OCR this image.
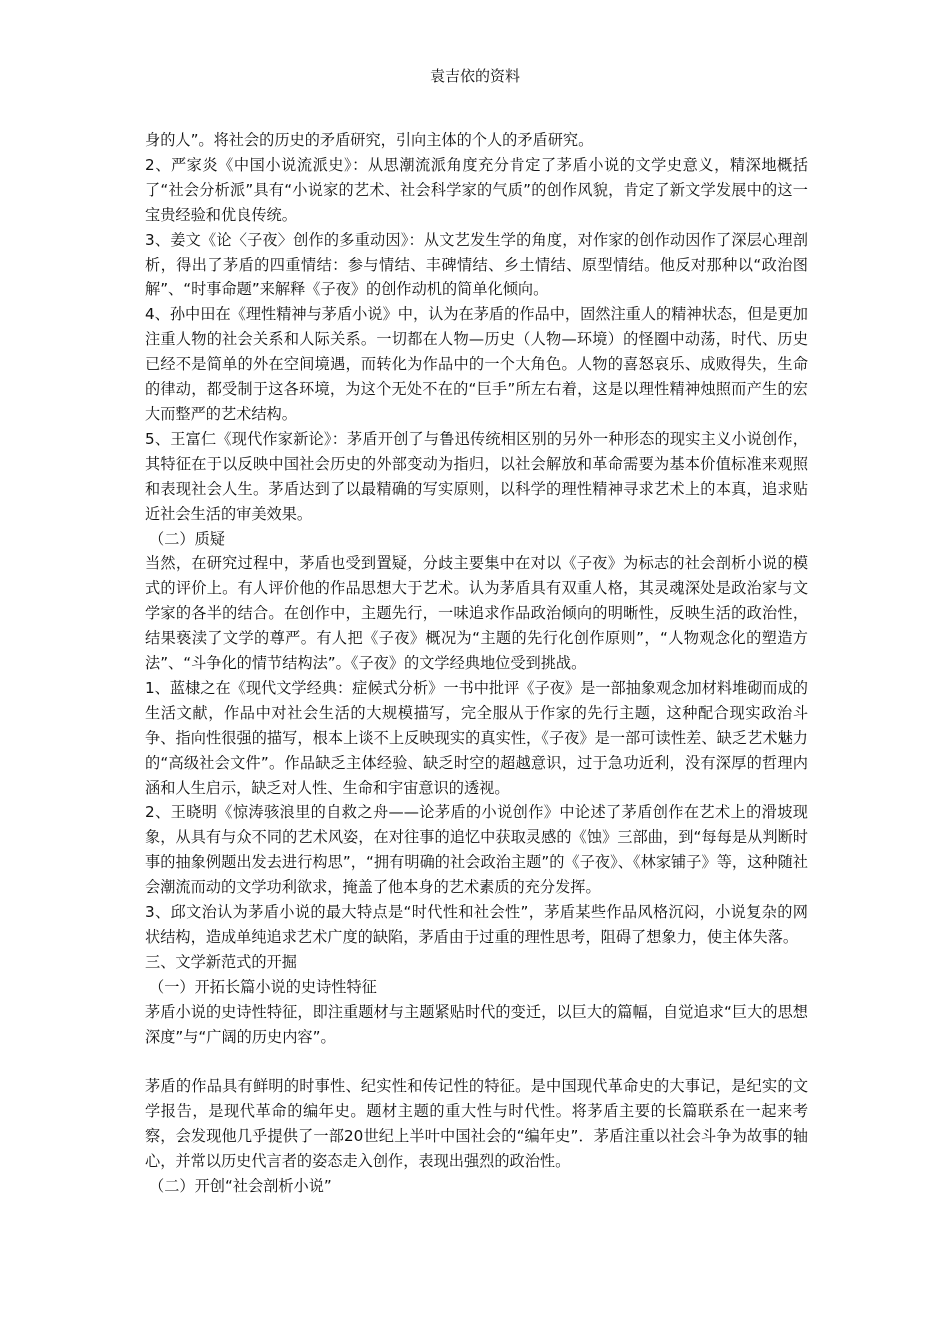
袁吉依的资料

身的人”。将社会的历史的矛盾研究，引向主体的个人的矛盾研究。

2、严家炎《中国小说流派史》：从思潮流派角度充分肯定了茅盾小说的文学史意义，精深地概括了“社会分析派”具有“小说家的艺术、社会科学家的气质”的创作风貌，肯定了新文学发展中的这一宝贵经验和优良传统。

3、姜文《论〈子夜〉创作的多重动因》：从文艺发生学的角度，对作家的创作动因作了深层心理剖析，得出了茅盾的四重情结：参与情结、丰碑情结、乡土情结、原型情结。他反对那种以“政治图解”、“时事命题”来解释《子夜》的创作动机的简单化倾向。

4、孙中田在《理性精神与茅盾小说》中，认为在茅盾的作品中，固然注重人的精神状态，但是更加注重人物的社会关系和人际关系。一切都在人物—历史（人物—环境）的怪圈中动荡，时代、历史已经不是简单的外在空间境遇，而转化为作品中的一个大角色。人物的喜怒哀乐、成败得失，生命的律动，都受制于这各环境，为这个无处不在的“巨手”所左右着，这是以理性精神烛照而产生的宏大而整严的艺术结构。

5、王富仁《现代作家新论》：茅盾开创了与鲁迅传统相区别的另外一种形态的现实主义小说创作，其特征在于以反映中国社会历史的外部变动为指归，以社会解放和革命需要为基本价值标准来观照和表现社会人生。茅盾达到了以最精确的写实原则，以科学的理性精神寻求艺术上的本真，追求贴近社会生活的审美效果。

（二）质疑

当然，在研究过程中，茅盾也受到置疑，分歧主要集中在对以《子夜》为标志的社会剖析小说的模式的评价上。有人评价他的作品思想大于艺术。认为茅盾具有双重人格，其灵魂深处是政治家与文学家的各半的结合。在创作中，主题先行，一味追求作品政治倾向的明晰性，反映生活的政治性，结果亵渎了文学的尊严。有人把《子夜》概况为“主题的先行化创作原则”，“人物观念化的塑造方法”、“斗争化的情节结构法”。《子夜》的文学经典地位受到挑战。

1、蓝棣之在《现代文学经典：症候式分析》一书中批评《子夜》是一部抽象观念加材料堆砌而成的生活文献，作品中对社会生活的大规模描写，完全服从于作家的先行主题，这种配合现实政治斗争、指向性很强的描写，根本上谈不上反映现实的真实性，《子夜》是一部可读性差、缺乏艺术魅力的“高级社会文件”。作品缺乏主体经验、缺乏时空的超越意识，过于急功近利，没有深厚的哲理内涵和人生启示，缺乏对人性、生命和宇宙意识的透视。

2、王晓明《惊涛骇浪里的自救之舟——论茅盾的小说创作》中论述了茅盾创作在艺术上的滑坡现象，从具有与众不同的艺术风姿，在对往事的追忆中获取灵感的《蚀》三部曲，到“每每是从判断时事的抽象例题出发去进行构思”，“拥有明确的社会政治主题”的《子夜》、《林家铺子》等，这种随社会潮流而动的文学功利欲求，掩盖了他本身的艺术素质的充分发挥。

3、邱文治认为茅盾小说的最大特点是“时代性和社会性”，茅盾某些作品风格沉闷，小说复杂的网状结构，造成单纯追求艺术广度的缺陷，茅盾由于过重的理性思考，阻碍了想象力，使主体失落。

三、文学新范式的开掘

（一）开拓长篇小说的史诗性特征

茅盾小说的史诗性特征，即注重题材与主题紧贴时代的变迁，以巨大的篇幅，自觉追求“巨大的思想深度”与“广阔的历史内容”。

茅盾的作品具有鲜明的时事性、纪实性和传记性的特征。是中国现代革命史的大事记，是纪实的文学报告，是现代革命的编年史。题材主题的重大性与时代性。将茅盾主要的长篇联系在一起来考察，会发现他几乎提供了一部20世纪上半叶中国社会的“编年史”．茅盾注重以社会斗争为故事的轴心，并常以历史代言者的姿态走入创作，表现出强烈的政治性。

（二）开创“社会剖析小说”
